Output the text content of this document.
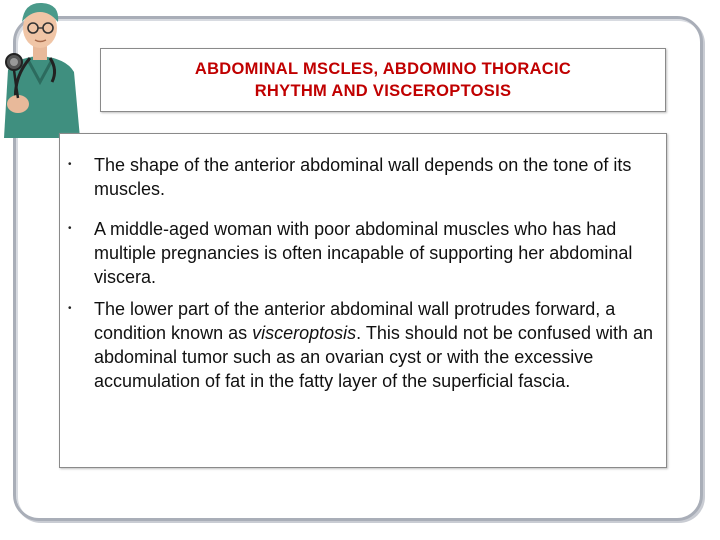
ABDOMINAL MSCLES, ABDOMINO THORACIC
RHYTHM AND VISCEROPTOSIS
• The shape of the anterior abdominal wall depends on the tone of its muscles.
• A middle-aged woman with poor abdominal muscles who has had multiple pregnancies is often incapable of supporting her abdominal viscera.
• The lower part of the anterior abdominal wall protrudes forward, a condition known as visceroptosis. This should not be confused with an abdominal tumor such as an ovarian cyst or with the excessive accumulation of fat in the fatty layer of the superficial fascia.
